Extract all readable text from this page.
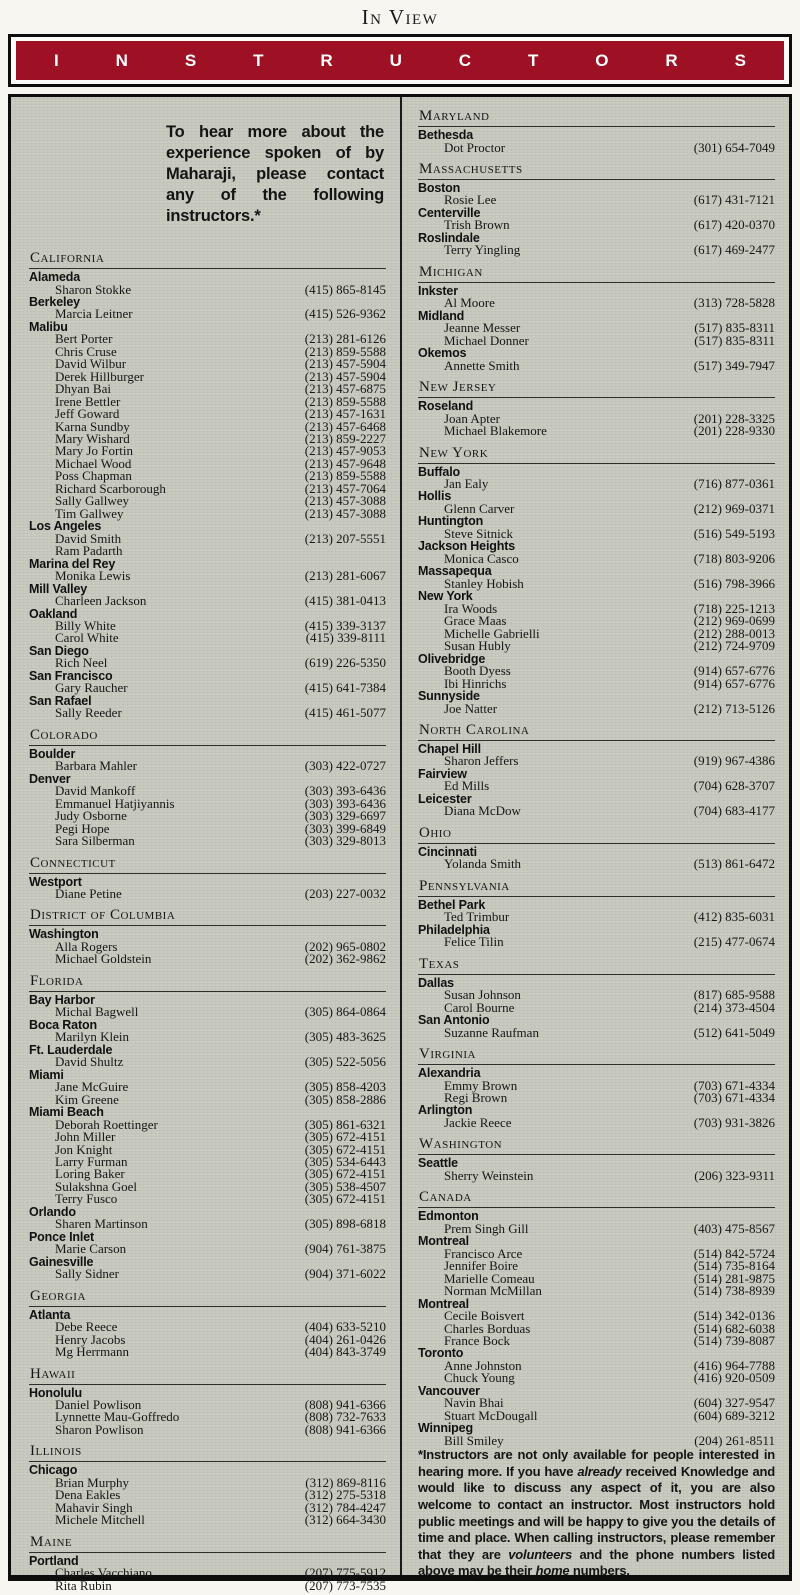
In View
I	N	S	T	R	U	C	T	O	R	S
To hear more about the experience spoken of by Maharaji, please contact any of the following instructors.*
California
Alameda
Sharon Stokke	(415) 865-8145
Berkeley
Marcia Leitner	(415) 526-9362
Malibu
Bert Porter	(213) 281-6126
Chris Cruse	(213) 859-5588
David Wilbur	(213) 457-5904
Derek Hillburger	(213) 457-5904
Dhyan Bai	(213) 457-6875
Irene Bettler	(213) 859-5588
Jeff Goward	(213) 457-1631
Karna Sundby	(213) 457-6468
Mary Wishard	(213) 859-2227
Mary Jo Fortin	(213) 457-9053
Michael Wood	(213) 457-9648
Poss Chapman	(213) 859-5588
Richard Scarborough	(213) 457-7064
Sally Gallwey	(213) 457-3088
Tim Gallwey	(213) 457-3088
Los Angeles
David Smith	(213) 207-5551
Ram Padarth
Marina del Rey
Monika Lewis	(213) 281-6067
Mill Valley
Charleen Jackson	(415) 381-0413
Oakland
Billy White	(415) 339-3137
Carol White	(415) 339-8111
San Diego
Rich Neel	(619) 226-5350
San Francisco
Gary Raucher	(415) 641-7384
San Rafael
Sally Reeder	(415) 461-5077
Colorado
Boulder
Barbara Mahler	(303) 422-0727
Denver
David Mankoff	(303) 393-6436
Emmanuel Hatjiyannis	(303) 393-6436
Judy Osborne	(303) 329-6697
Pegi Hope	(303) 399-6849
Sara Silberman	(303) 329-8013
Connecticut
Westport
Diane Petine	(203) 227-0032
District of Columbia
Washington
Alla Rogers	(202) 965-0802
Michael Goldstein	(202) 362-9862
Florida
Bay Harbor
Michal Bagwell	(305) 864-0864
Boca Raton
Marilyn Klein	(305) 483-3625
Ft. Lauderdale
David Shultz	(305) 522-5056
Miami
Jane McGuire	(305) 858-4203
Kim Greene	(305) 858-2886
Miami Beach
Deborah Roettinger	(305) 861-6321
John Miller	(305) 672-4151
Jon Knight	(305) 672-4151
Larry Furman	(305) 534-6443
Loring Baker	(305) 672-4151
Sulakshna Goel	(305) 538-4507
Terry Fusco	(305) 672-4151
Orlando
Sharen Martinson	(305) 898-6818
Ponce Inlet
Marie Carson	(904) 761-3875
Gainesville
Sally Sidner	(904) 371-6022
Georgia
Atlanta
Debe Reece	(404) 633-5210
Henry Jacobs	(404) 261-0426
Mg Herrmann	(404) 843-3749
Hawaii
Honolulu
Daniel Powlison	(808) 941-6366
Lynnette Mau-Goffredo	(808) 732-7633
Sharon Powlison	(808) 941-6366
Illinois
Chicago
Brian Murphy	(312) 869-8116
Dena Eakles	(312) 275-5318
Mahavir Singh	(312) 784-4247
Michele Mitchell	(312) 664-3430
Maine
Portland
Charles Vacchiano	(207) 775-5912
Rita Rubin	(207) 773-7535
Maryland
Bethesda
Dot Proctor	(301) 654-7049
Massachusetts
Boston
Rosie Lee	(617) 431-7121
Centerville
Trish Brown	(617) 420-0370
Roslindale
Terry Yingling	(617) 469-2477
Michigan
Inkster
Al Moore	(313) 728-5828
Midland
Jeanne Messer	(517) 835-8311
Michael Donner	(517) 835-8311
Okemos
Annette Smith	(517) 349-7947
New Jersey
Roseland
Joan Apter	(201) 228-3325
Michael Blakemore	(201) 228-9330
New York
Buffalo
Jan Ealy	(716) 877-0361
Hollis
Glenn Carver	(212) 969-0371
Huntington
Steve Sitnick	(516) 549-5193
Jackson Heights
Monica Casco	(718) 803-9206
Massapequa
Stanley Hobish	(516) 798-3966
New York
Ira Woods	(718) 225-1213
Grace Maas	(212) 969-0699
Michelle Gabrielli	(212) 288-0013
Susan Hubly	(212) 724-9709
Olivebridge
Booth Dyess	(914) 657-6776
Ibi Hinrichs	(914) 657-6776
Sunnyside
Joe Natter	(212) 713-5126
North Carolina
Chapel Hill
Sharon Jeffers	(919) 967-4386
Fairview
Ed Mills	(704) 628-3707
Leicester
Diana McDow	(704) 683-4177
Ohio
Cincinnati
Yolanda Smith	(513) 861-6472
Pennsylvania
Bethel Park
Ted Trimbur	(412) 835-6031
Philadelphia
Felice Tilin	(215) 477-0674
Texas
Dallas
Susan Johnson	(817) 685-9588
Carol Bourne	(214) 373-4504
San Antonio
Suzanne Raufman	(512) 641-5049
Virginia
Alexandria
Emmy Brown	(703) 671-4334
Regi Brown	(703) 671-4334
Arlington
Jackie Reece	(703) 931-3826
Washington
Seattle
Sherry Weinstein	(206) 323-9311
Canada
Edmonton
Prem Singh Gill	(403) 475-8567
Montreal
Francisco Arce	(514) 842-5724
Jennifer Boire	(514) 735-8164
Marielle Comeau	(514) 281-9875
Norman McMillan	(514) 738-8939
Montreal
Cecile Boisvert	(514) 342-0136
Charles Borduas	(514) 682-6038
France Bock	(514) 739-8087
Toronto
Anne Johnston	(416) 964-7788
Chuck Young	(416) 920-0509
Vancouver
Navin Bhai	(604) 327-9547
Stuart McDougall	(604) 689-3212
Winnipeg
Bill Smiley	(204) 261-8511
*Instructors are not only available for people interested in hearing more. If you have already received Knowledge and would like to discuss any aspect of it, you are also welcome to contact an instructor. Most instructors hold public meetings and will be happy to give you the details of time and place. When calling instructors, please remember that they are volunteers and the phone numbers listed above may be their home numbers.
